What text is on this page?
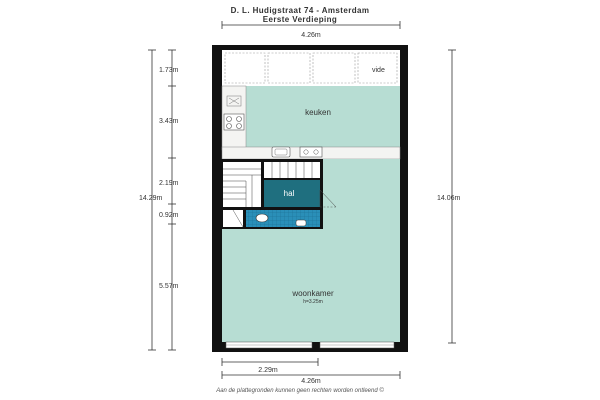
D. L. Hudigstraat 74 - Amsterdam
Eerste Verdieping
4.26m
14.29m
1.73m
3.43m
2.19m
0.92m
5.57m
14.06m
vide
keuken
hal
woonkamer
h=3.25m
2.29m
4.26m
Aan de plattegronden kunnen geen rechten worden ontleend ©
